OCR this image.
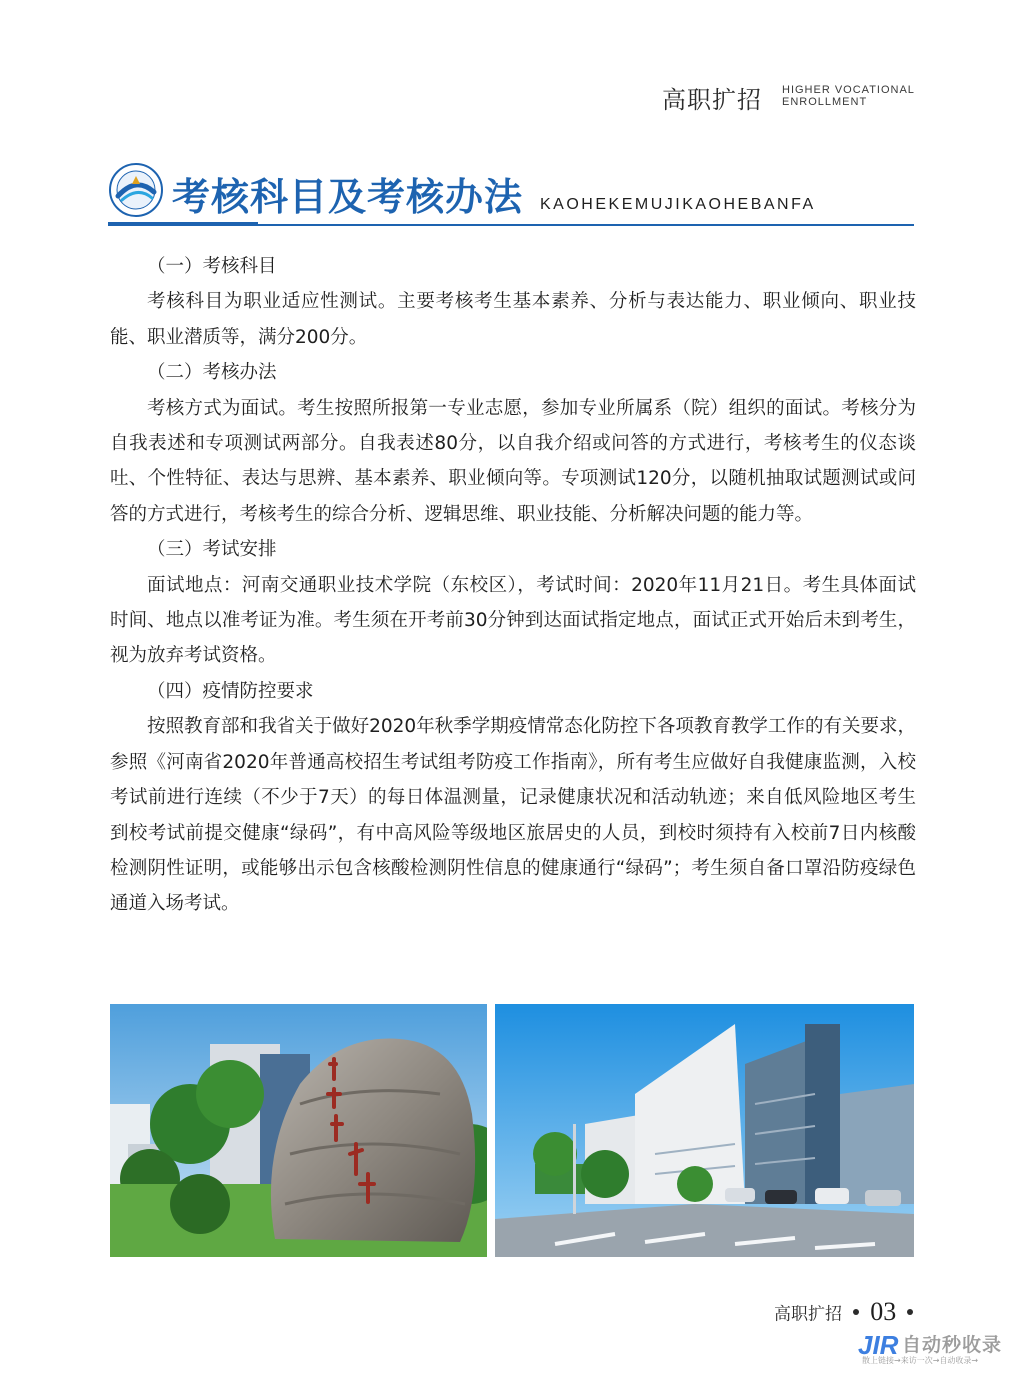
高职扩招 HIGHER VOCATIONAL
ENROLLMENT
考核科目及考核办法 KAOHEKEMUJIKAOHEBANFA

（一）考核科目

考核科目为职业适应性测试。主要考核考生基本素养、分析与表达能力、职业倾向、职业技能、职业潜质等，满分200分。

（二）考核办法

考核方式为面试。考生按照所报第一专业志愿，参加专业所属系（院）组织的面试。考核分为自我表述和专项测试两部分。自我表述80分，以自我介绍或问答的方式进行，考核考生的仪态谈吐、个性特征、表达与思辨、基本素养、职业倾向等。专项测试120分，以随机抽取试题测试或问答的方式进行，考核考生的综合分析、逻辑思维、职业技能、分析解决问题的能力等。

（三）考试安排

面试地点：河南交通职业技术学院（东校区），考试时间：2020年11月21日。考生具体面试时间、地点以准考证为准。考生须在开考前30分钟到达面试指定地点，面试正式开始后未到考生，视为放弃考试资格。

（四）疫情防控要求

按照教育部和我省关于做好2020年秋季学期疫情常态化防控下各项教育教学工作的有关要求，参照《河南省2020年普通高校招生考试组考防疫工作指南》，所有考生应做好自我健康监测，入校考试前进行连续（不少于7天）的每日体温测量，记录健康状况和活动轨迹；来自低风险地区考生到校考试前提交健康“绿码”，有中高风险等级地区旅居史的人员，到校时须持有入校前7日内核酸检测阴性证明，或能够出示包含核酸检测阴性信息的健康通行“绿码”；考生须自备口罩沿防疫绿色通道入场考试。

高职扩招 03
JIR 自动秒收录
散上链接→来访一次→自动收录→
